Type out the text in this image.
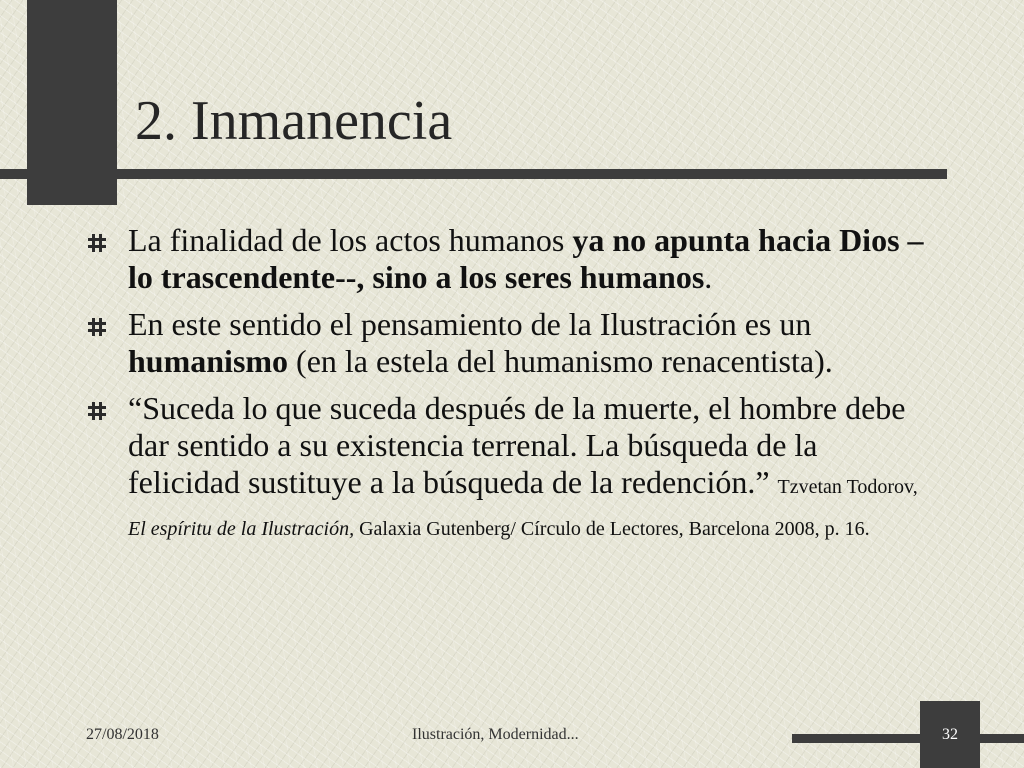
2. Inmanencia
La finalidad de los actos humanos ya no apunta hacia Dios –lo trascendente--, sino a los seres humanos.
En este sentido el pensamiento de la Ilustración es un humanismo (en la estela del humanismo renacentista).
“Suceda lo que suceda después de la muerte, el hombre debe dar sentido a su existencia terrenal. La búsqueda de la felicidad sustituye a la búsqueda de la redención.” Tzvetan Todorov, El espíritu de la Ilustración, Galaxia Gutenberg/ Círculo de Lectores, Barcelona 2008, p. 16.
27/08/2018	Ilustración, Modernidad...	32
